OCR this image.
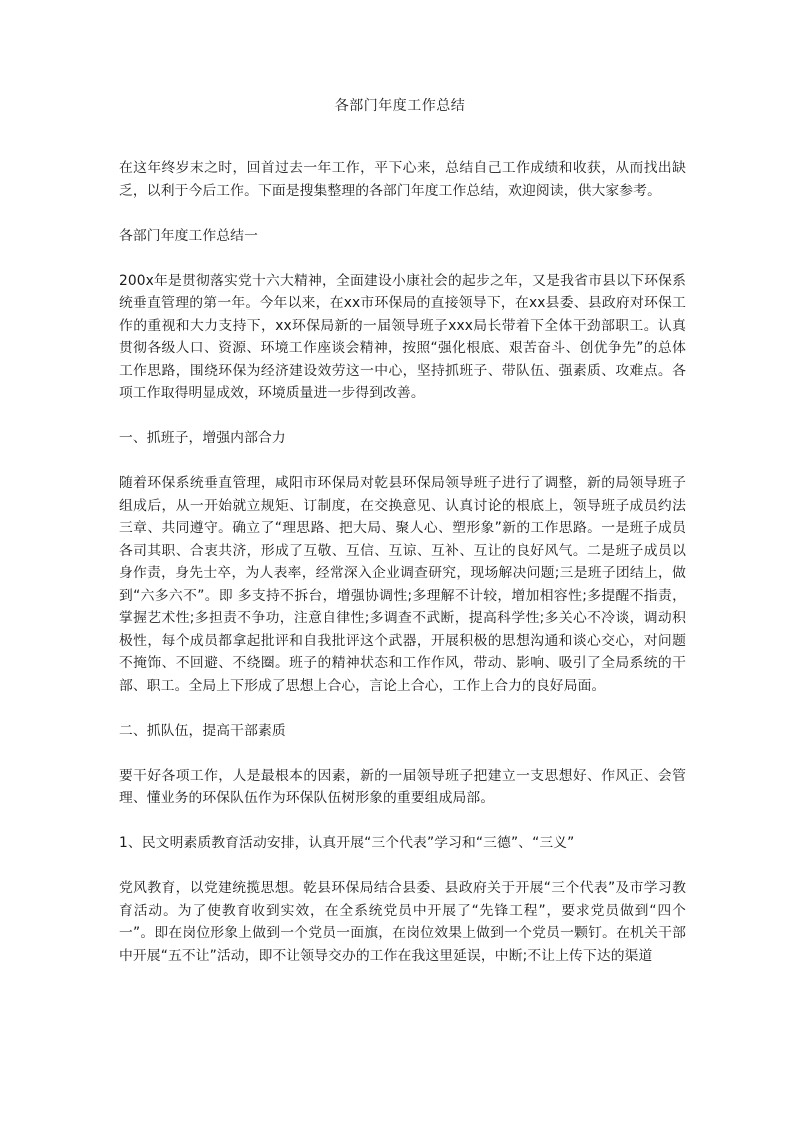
各部门年度工作总结

在这年终岁末之时，回首过去一年工作，平下心来，总结自己工作成绩和收获，从而找出缺乏，以利于今后工作。下面是搜集整理的各部门年度工作总结，欢迎阅读，供大家参考。

各部门年度工作总结一

200x年是贯彻落实党十六大精神，全面建设小康社会的起步之年，又是我省市县以下环保系统垂直管理的第一年。今年以来，在xx市环保局的直接领导下，在xx县委、县政府对环保工作的重视和大力支持下，xx环保局新的一届领导班子xxx局长带着下全体干劲部职工。认真贯彻各级人口、资源、环境工作座谈会精神，按照“强化根底、艰苦奋斗、创优争先”的总体工作思路，围绕环保为经济建设效劳这一中心，坚持抓班子、带队伍、强素质、攻难点。各项工作取得明显成效，环境质量进一步得到改善。

一、抓班子，增强内部合力

随着环保系统垂直管理，咸阳市环保局对乾县环保局领导班子进行了调整，新的局领导班子组成后，从一开始就立规矩、订制度，在交换意见、认真讨论的根底上，领导班子成员约法三章、共同遵守。确立了“理思路、把大局、聚人心、塑形象”新的工作思路。一是班子成员各司其职、合衷共济，形成了互敬、互信、互谅、互补、互让的良好风气。二是班子成员以身作责，身先士卒，为人表率，经常深入企业调查研究，现场解决问题;三是班子团结上，做到“六多六不”。即 多支持不拆台，增强协调性;多理解不计较，增加相容性;多提醒不指责，掌握艺术性;多担责不争功，注意自律性;多调查不武断，提高科学性;多关心不冷谈，调动积极性，每个成员都拿起批评和自我批评这个武器，开展积极的思想沟通和谈心交心，对问题不掩饰、不回避、不绕圈。班子的精神状态和工作作风，带动、影响、吸引了全局系统的干部、职工。全局上下形成了思想上合心，言论上合心，工作上合力的良好局面。

二、抓队伍，提高干部素质

要干好各项工作，人是最根本的因素，新的一届领导班子把建立一支思想好、作风正、会管理、懂业务的环保队伍作为环保队伍树形象的重要组成局部。

1、民文明素质教育活动安排，认真开展“三个代表”学习和“三德”、“三义”

党风教育，以党建统揽思想。乾县环保局结合县委、县政府关于开展“三个代表”及市学习教育活动。为了使教育收到实效，在全系统党员中开展了“先锋工程”，要求党员做到“四个一”。即在岗位形象上做到一个党员一面旗，在岗位效果上做到一个党员一颗钉。在机关干部中开展“五不让”活动，即不让领导交办的工作在我这里延误，中断;不让上传下达的渠道
